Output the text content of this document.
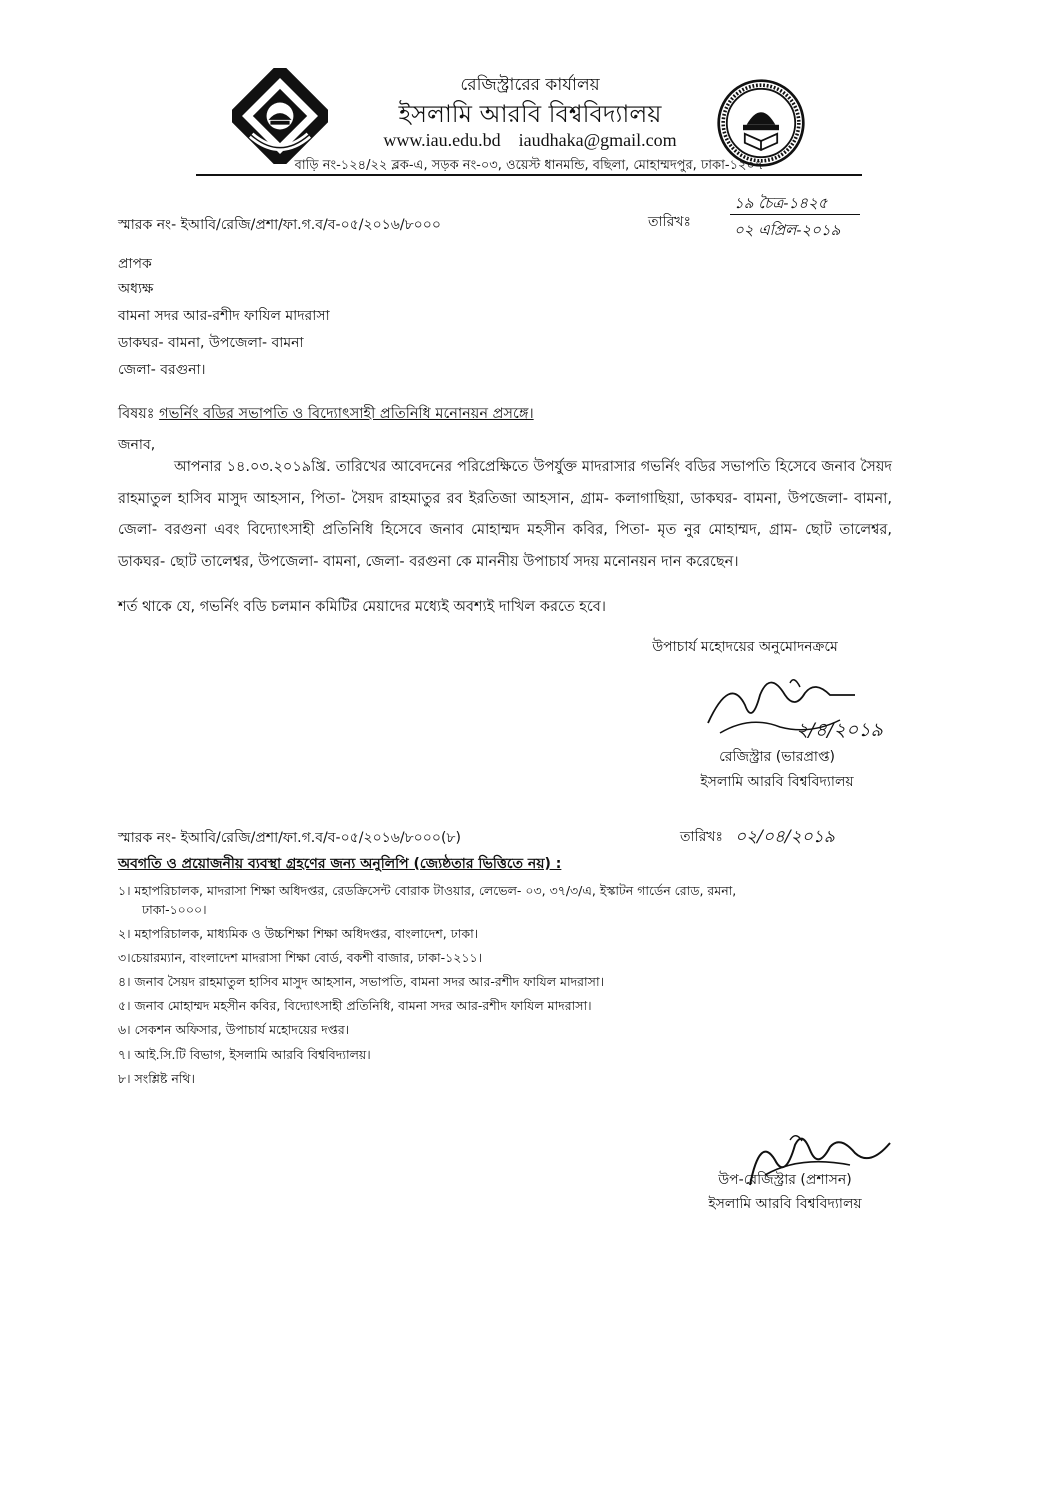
রেজিস্ট্রারের কার্যালয়
ইসলামি আরবি বিশ্ববিদ্যালয়
www.iau.edu.bd iaudhaka@gmail.com
বাড়ি নং-১২৪/২২ ব্লক-এ, সড়ক নং-০৩, ওয়েস্ট ধানমন্ডি, বছিলা, মোহাম্মদপুর, ঢাকা-১২০৭
স্মারক নং- ইআবি/রেজি/প্রশা/ফা.গ.ব/ব-০৫/২০১৬/৮০০০	তারিখঃ
১৯ চৈত্র-১৪২৫
০২ এপ্রিল-২০১৯
প্রাপক
অধ্যক্ষ
বামনা সদর আর-রশীদ ফাযিল মাদরাসা
ডাকঘর- বামনা, উপজেলা- বামনা
জেলা- বরগুনা।
বিষয়ঃ গভর্নিং বডির সভাপতি ও বিদ্যোৎসাহী প্রতিনিধি মনোনয়ন প্রসঙ্গে।
জনাব,
আপনার ১৪.০৩.২০১৯খ্রি. তারিখের আবেদনের পরিপ্রেক্ষিতে উপর্যুক্ত মাদরাসার গভর্নিং বডির সভাপতি হিসেবে জনাব সৈয়দ রাহমাতুল হাসিব মাসুদ আহসান, পিতা- সৈয়দ রাহমাতুর রব ইরতিজা আহসান, গ্রাম- কলাগাছিয়া, ডাকঘর- বামনা, উপজেলা- বামনা, জেলা- বরগুনা এবং বিদ্যোৎসাহী প্রতিনিধি হিসেবে জনাব মোহাম্মদ মহসীন কবির, পিতা- মৃত নুর মোহাম্মদ, গ্রাম- ছোট তালেশ্বর, ডাকঘর- ছোট তালেশ্বর, উপজেলা- বামনা, জেলা- বরগুনা কে মাননীয় উপাচার্য সদয় মনোনয়ন দান করেছেন।
শর্ত থাকে যে, গভর্নিং বডি চলমান কমিটির মেয়াদের মধ্যেই অবশ্যই দাখিল করতে হবে।
উপাচার্য মহোদয়ের অনুমোদনক্রমে
২/৪/২০১৯
রেজিস্ট্রার (ভারপ্রাপ্ত)
ইসলামি আরবি বিশ্ববিদ্যালয়
স্মারক নং- ইআবি/রেজি/প্রশা/ফা.গ.ব/ব-০৫/২০১৬/৮০০০(৮)	তারিখঃ ০২/০৪/২০১৯
অবগতি ও প্রয়োজনীয় ব্যবস্থা গ্রহণের জন্য অনুলিপি (জ্যেষ্ঠতার ভিত্তিতে নয়) :
১। মহাপরিচালক, মাদরাসা শিক্ষা অধিদপ্তর, রেডক্রিসেন্ট বোরাক টাওয়ার, লেভেল- ০৩, ৩৭/৩/এ, ইস্কাটন গার্ডেন রোড, রমনা,
ঢাকা-১০০০।
২। মহাপরিচালক, মাধ্যমিক ও উচ্চশিক্ষা শিক্ষা অধিদপ্তর, বাংলাদেশ, ঢাকা।
৩।চেয়ারম্যান, বাংলাদেশ মাদরাসা শিক্ষা বোর্ড, বকশী বাজার, ঢাকা-১২১১।
৪। জনাব সৈয়দ রাহমাতুল হাসিব মাসুদ আহসান, সভাপতি, বামনা সদর আর-রশীদ ফাযিল মাদরাসা।
৫। জনাব মোহাম্মদ মহসীন কবির, বিদ্যোৎসাহী প্রতিনিধি, বামনা সদর আর-রশীদ ফাযিল মাদরাসা।
৬। সেকশন অফিসার, উপাচার্য মহোদয়ের দপ্তর।
৭। আই.সি.টি বিভাগ, ইসলামি আরবি বিশ্ববিদ্যালয়।
৮। সংশ্লিষ্ট নথি।
উপ-রেজিস্ট্রার (প্রশাসন)
ইসলামি আরবি বিশ্ববিদ্যালয়
